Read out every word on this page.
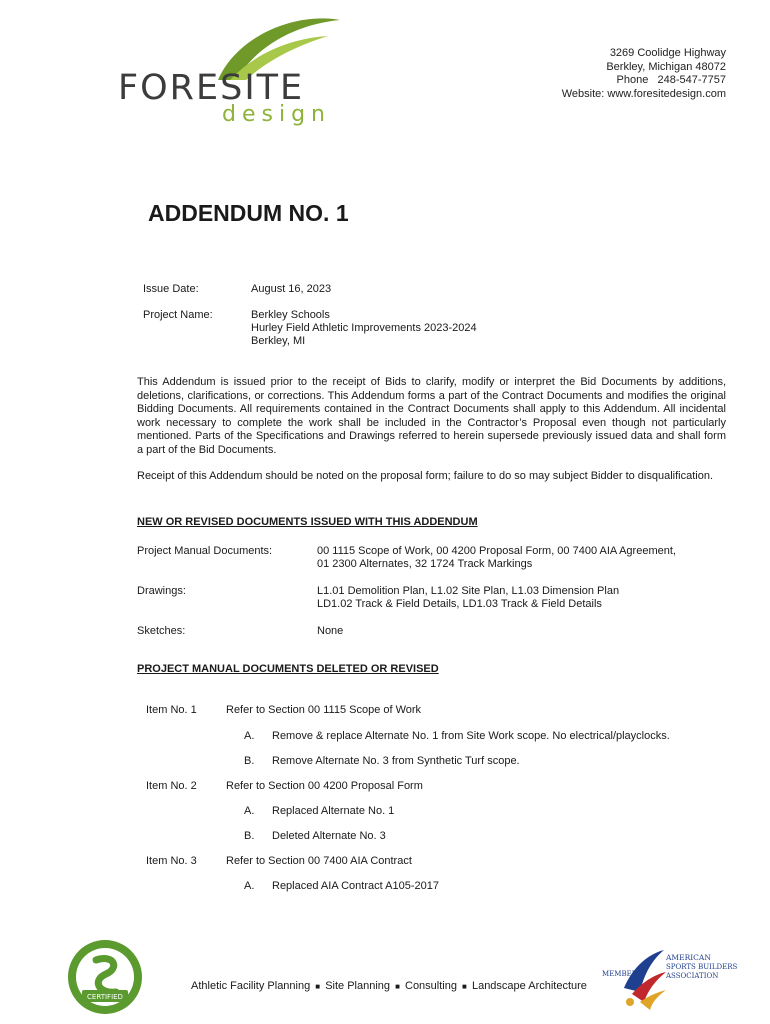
FORESITE
design
3269 Coolidge Highway
Berkley, Michigan 48072
Phone   248-547-7757
Website: www.foresitedesign.com
ADDENDUM NO. 1
Issue Date:	August 16, 2023
Project Name:	Berkley Schools
Hurley Field Athletic Improvements 2023-2024
Berkley, MI
This Addendum is issued prior to the receipt of Bids to clarify, modify or interpret the Bid Documents by additions, deletions, clarifications, or corrections. This Addendum forms a part of the Contract Documents and modifies the original Bidding Documents. All requirements contained in the Contract Documents shall apply to this Addendum. All incidental work necessary to complete the work shall be included in the Contractor’s Proposal even though not particularly mentioned. Parts of the Specifications and Drawings referred to herein supersede previously issued data and shall form a part of the Bid Documents.
Receipt of this Addendum should be noted on the proposal form; failure to do so may subject Bidder to disqualification.
NEW OR REVISED DOCUMENTS ISSUED WITH THIS ADDENDUM
Project Manual Documents:	00 1115 Scope of Work, 00 4200 Proposal Form, 00 7400 AIA Agreement,
01 2300 Alternates, 32 1724 Track Markings
Drawings:	L1.01 Demolition Plan, L1.02 Site Plan, L1.03 Dimension Plan
LD1.02 Track & Field Details, LD1.03 Track & Field Details
Sketches:	None
PROJECT MANUAL DOCUMENTS DELETED OR REVISED
Item No. 1	Refer to Section 00 1115 Scope of Work
A. Remove & replace Alternate No. 1 from Site Work scope. No electrical/playclocks.
B. Remove Alternate No. 3 from Synthetic Turf scope.
Item No. 2	Refer to Section 00 4200 Proposal Form
A. Replaced Alternate No. 1
B. Deleted Alternate No. 3
Item No. 3	Refer to Section 00 7400 AIA Contract
A. Replaced AIA Contract A105-2017
CERTIFIED
Athletic Facility Planning ■ Site Planning ■ Consulting ■ Landscape Architecture
MEMBER
AMERICAN
SPORTS BUILDERS
ASSOCIATION
